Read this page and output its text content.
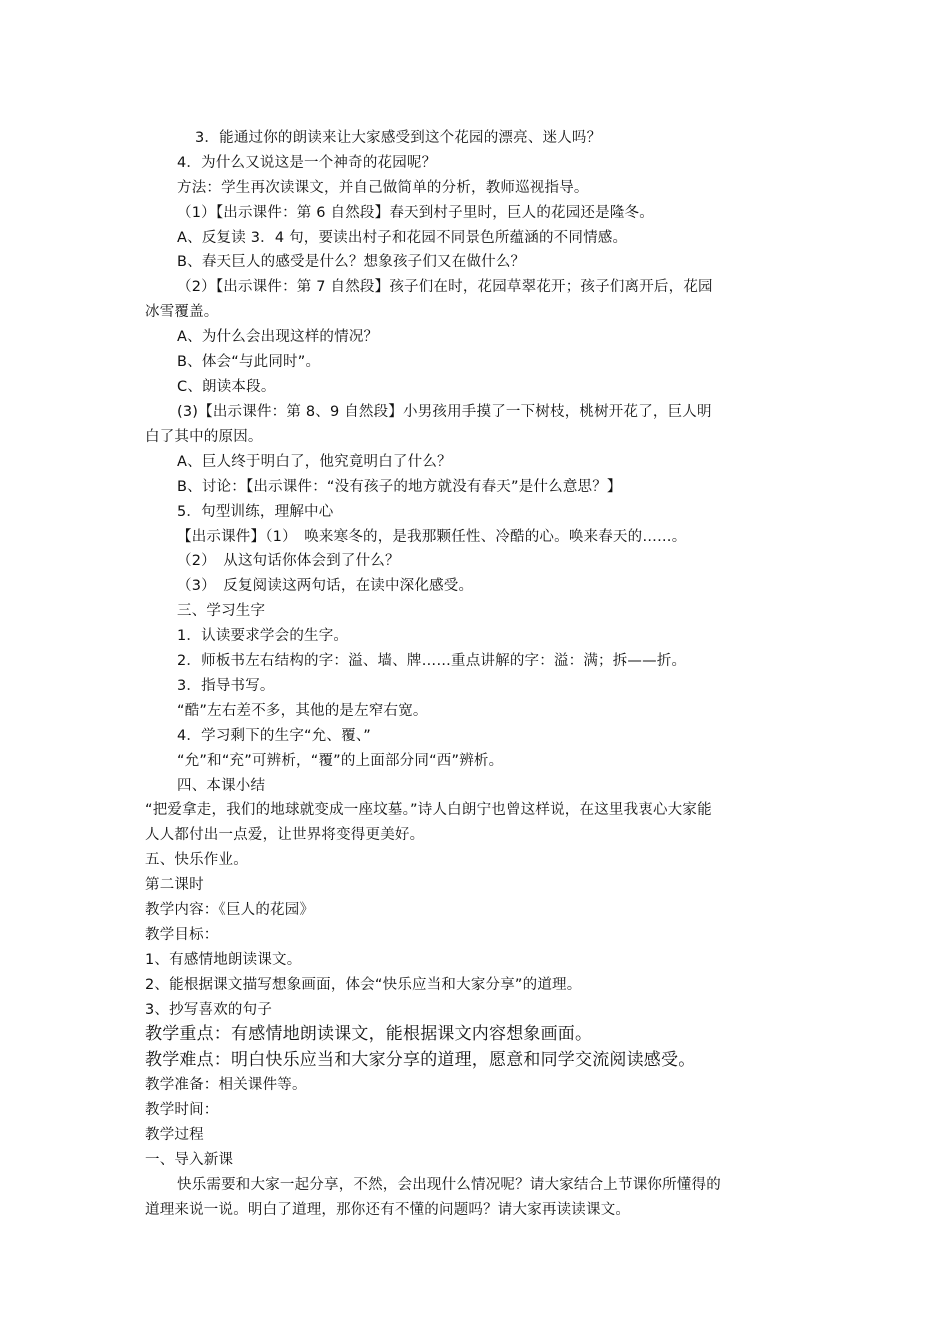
3．能通过你的朗读来让大家感受到这个花园的漂亮、迷人吗？
4．为什么又说这是一个神奇的花园呢？
方法：学生再次读课文，并自己做简单的分析，教师巡视指导。
（1）【出示课件：第 6 自然段】春天到村子里时，巨人的花园还是隆冬。
A、反复读 3．4 句，要读出村子和花园不同景色所蕴涵的不同情感。
B、春天巨人的感受是什么？想象孩子们又在做什么？
（2）【出示课件：第 7 自然段】孩子们在时，花园草翠花开；孩子们离开后，花园
冰雪覆盖。
A、为什么会出现这样的情况？
B、体会“与此同时”。
C、朗读本段。
(3)【出示课件：第 8、9 自然段】小男孩用手摸了一下树枝，桃树开花了，巨人明
白了其中的原因。
A、巨人终于明白了，他究竟明白了什么？
B、讨论：【出示课件：“没有孩子的地方就没有春天”是什么意思？】
5．句型训练，理解中心
【出示课件】（1）　唤来寒冬的，是我那颗任性、冷酷的心。唤来春天的……。
（2）　从这句话你体会到了什么？
（3）　反复阅读这两句话，在读中深化感受。
三、学习生字
1．认读要求学会的生字。
2．师板书左右结构的字：溢、墙、牌……重点讲解的字：溢：满；拆——折。
3．指导书写。
“酷”左右差不多，其他的是左窄右宽。
4．学习剩下的生字“允、覆、”
“允”和“充”可辨析，“覆”的上面部分同“西”辨析。
四、本课小结
“把爱拿走，我们的地球就变成一座坟墓。”诗人白朗宁也曾这样说，在这里我衷心大家能
人人都付出一点爱，让世界将变得更美好。
五、快乐作业。
第二课时
教学内容：《巨人的花园》
教学目标：
1、有感情地朗读课文。
2、能根据课文描写想象画面，体会“快乐应当和大家分享”的道理。
3、抄写喜欢的句子
教学重点：有感情地朗读课文，能根据课文内容想象画面。
教学难点：明白快乐应当和大家分享的道理，愿意和同学交流阅读感受。
教学准备：相关课件等。
教学时间：
教学过程
一、导入新课
快乐需要和大家一起分享，不然，会出现什么情况呢？请大家结合上节课你所懂得的
道理来说一说。明白了道理，那你还有不懂的问题吗？请大家再读读课文。
